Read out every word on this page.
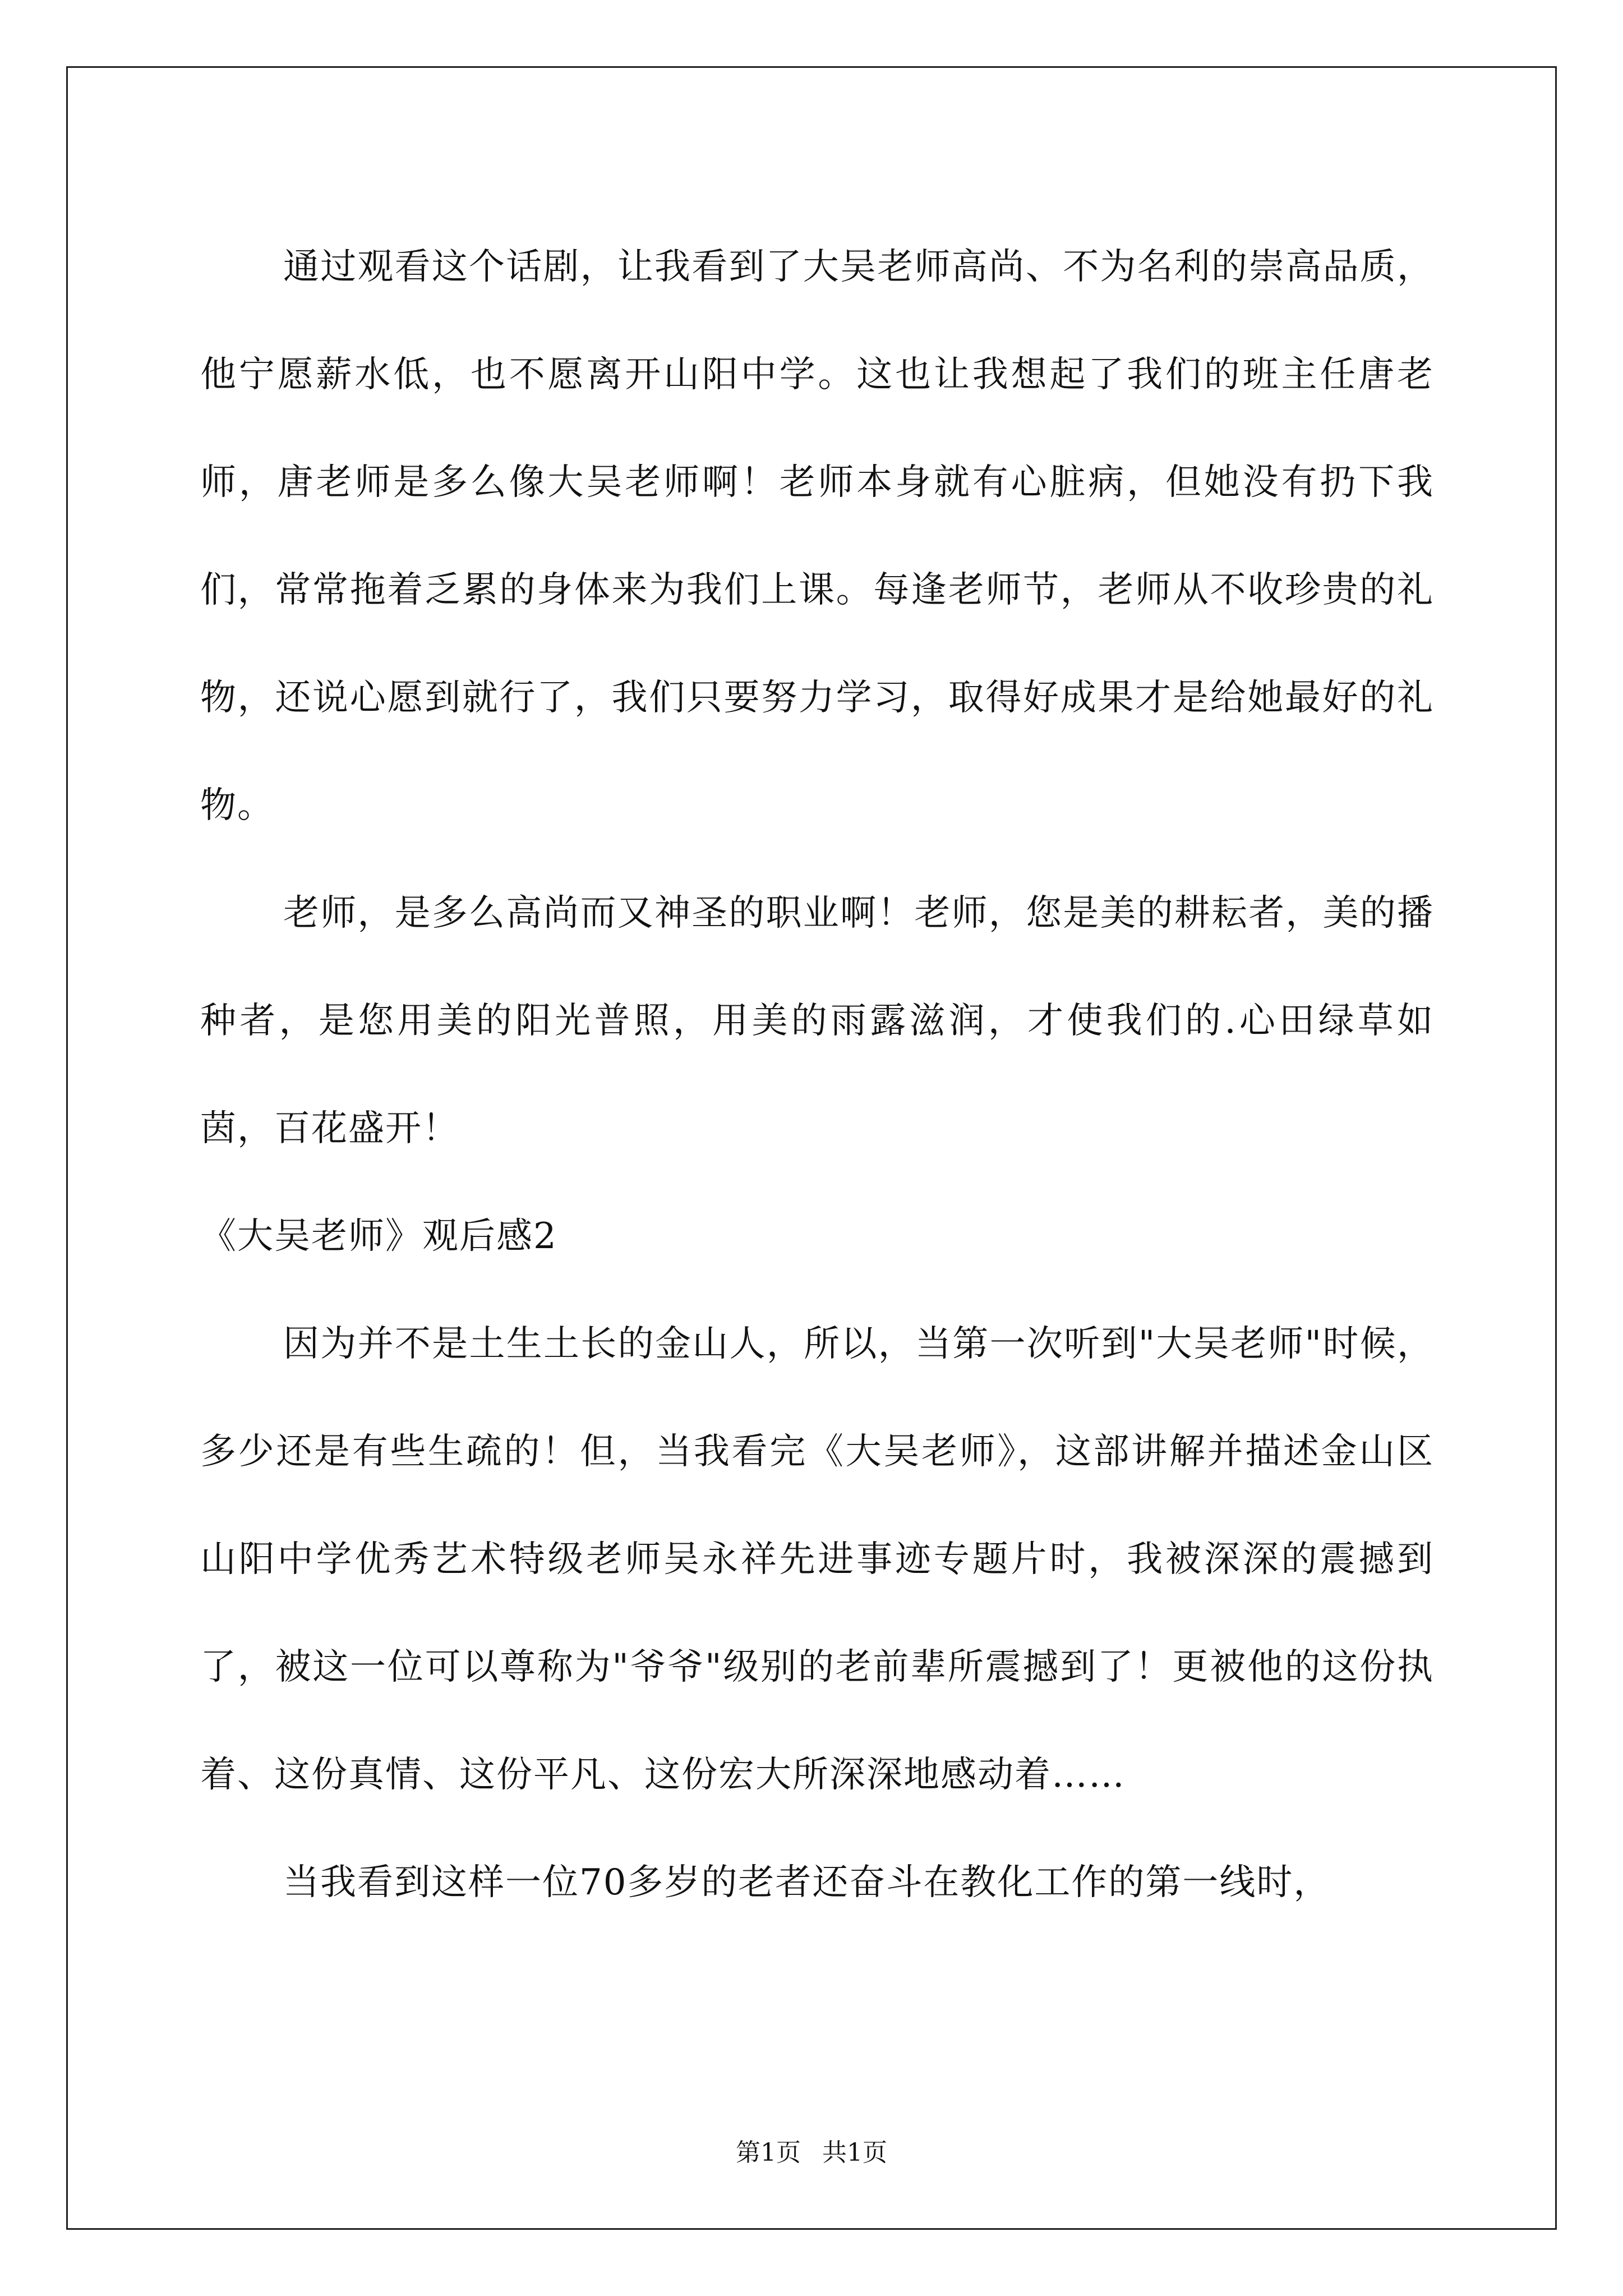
通过观看这个话剧，让我看到了大吴老师高尚、不为名利的崇高品质，他宁愿薪水低，也不愿离开山阳中学。这也让我想起了我们的班主任唐老师，唐老师是多么像大吴老师啊！老师本身就有心脏病，但她没有扔下我们，常常拖着乏累的身体来为我们上课。每逢老师节，老师从不收珍贵的礼物，还说心愿到就行了，我们只要努力学习，取得好成果才是给她最好的礼物。

老师，是多么高尚而又神圣的职业啊！老师，您是美的耕耘者，美的播种者，是您用美的阳光普照，用美的雨露滋润，才使我们的.心田绿草如茵，百花盛开！

《大吴老师》观后感2

因为并不是土生土长的金山人，所以，当第一次听到"大吴老师"时候，多少还是有些生疏的！但，当我看完《大吴老师》，这部讲解并描述金山区山阳中学优秀艺术特级老师吴永祥先进事迹专题片时，我被深深的震撼到了，被这一位可以尊称为"爷爷"级别的老前辈所震撼到了！更被他的这份执着、这份真情、这份平凡、这份宏大所深深地感动着……

当我看到这样一位70多岁的老者还奋斗在教化工作的第一线时，

第1页 共1页
